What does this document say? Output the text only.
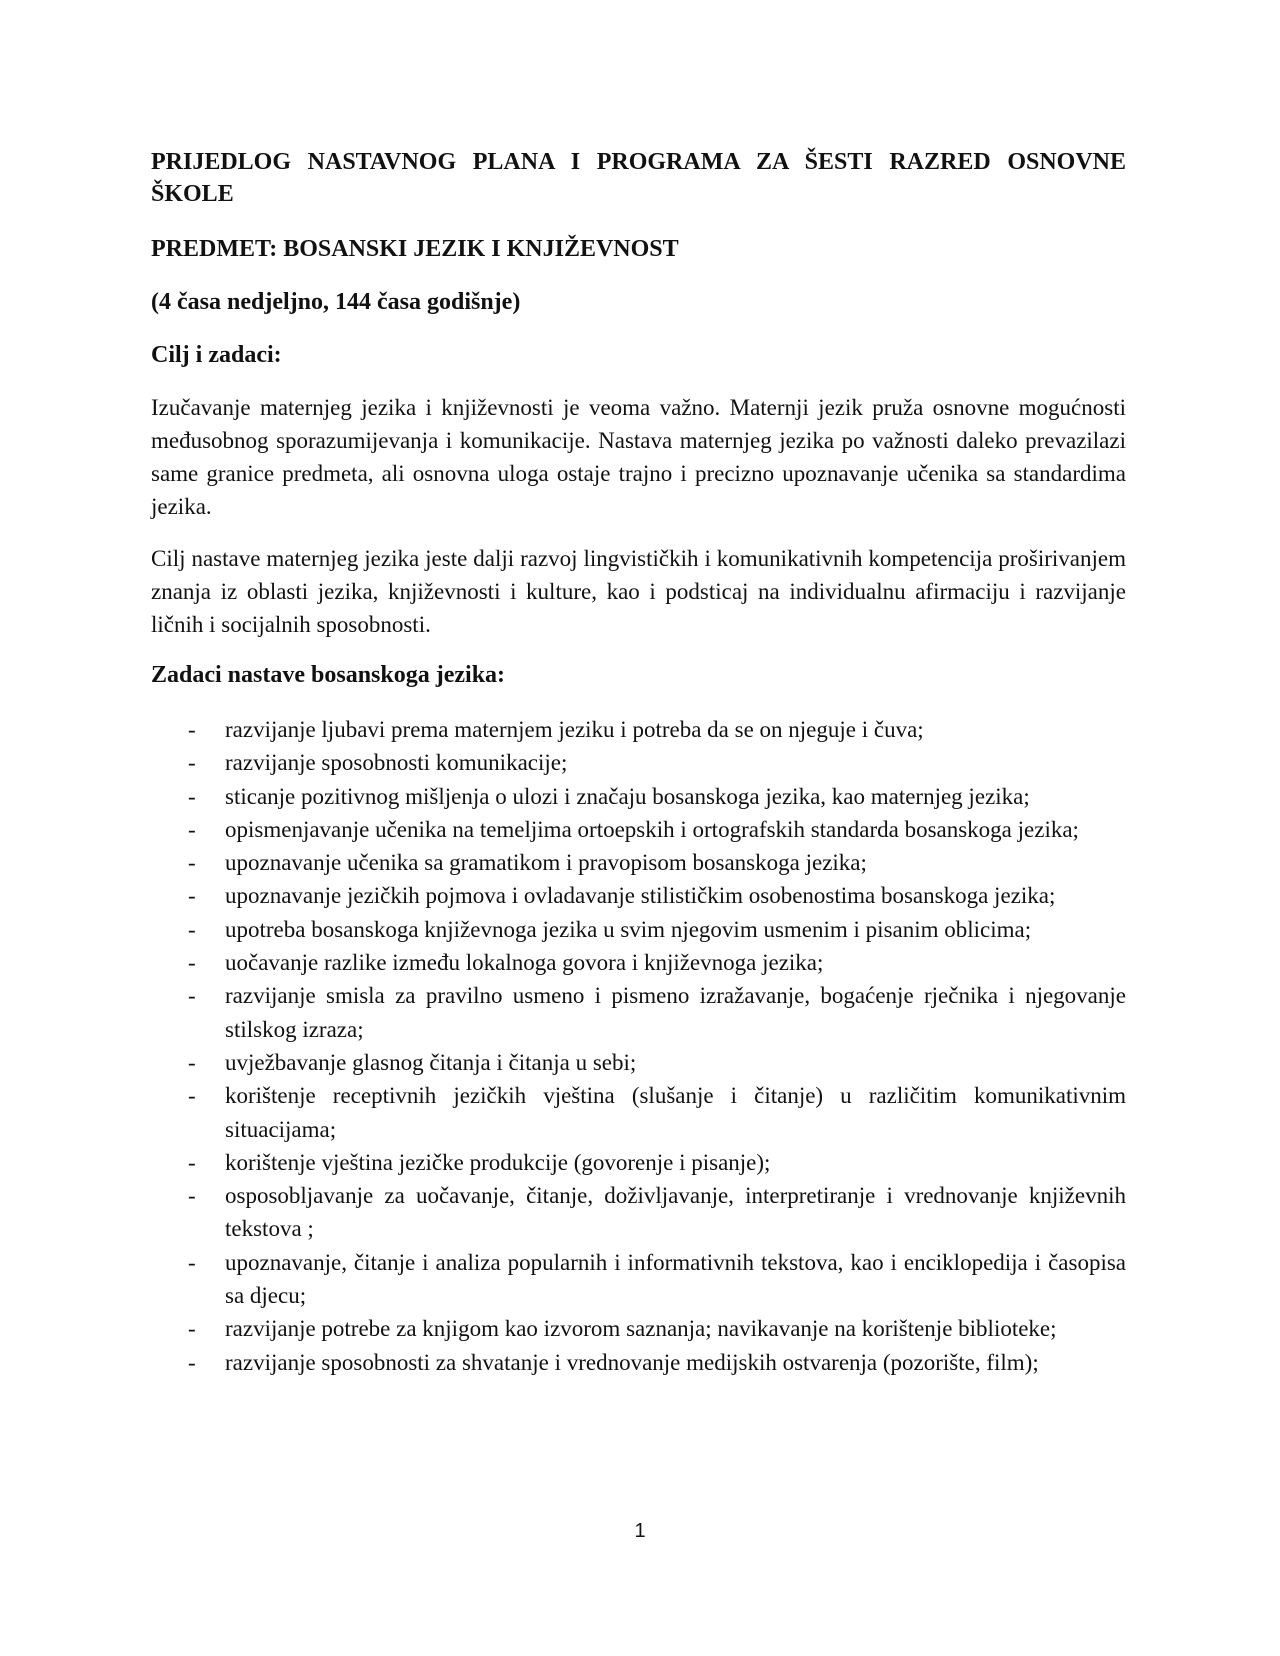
PRIJEDLOG NASTAVNOG PLANA I PROGRAMA ZA ŠESTI RAZRED OSNOVNE ŠKOLE

PREDMET: BOSANSKI JEZIK I KNJIŽEVNOST

(4 časa nedjeljno, 144 časa godišnje)

Cilj i zadaci:

Izučavanje maternjeg jezika i književnosti je veoma važno. Maternji jezik pruža osnovne mogućnosti međusobnog sporazumijevanja i komunikacije. Nastava maternjeg jezika po važnosti daleko prevazilazi same granice predmeta, ali osnovna uloga ostaje trajno i precizno upoznavanje učenika sa standardima jezika.

Cilj nastave maternjeg jezika jeste dalji razvoj lingvističkih i komunikativnih kompetencija proširivanjem znanja iz oblasti jezika, književnosti i kulture, kao i podsticaj na individualnu afirmaciju i razvijanje ličnih i socijalnih sposobnosti.

Zadaci nastave bosanskoga jezika:

- razvijanje ljubavi prema maternjem jeziku i potreba da se on njeguje i čuva;
- razvijanje sposobnosti komunikacije;
- sticanje pozitivnog mišljenja o ulozi i značaju bosanskoga jezika, kao maternjeg jezika;
- opismenjavanje učenika na temeljima ortoepskih i ortografskih standarda bosanskoga jezika;
- upoznavanje učenika sa gramatikom i pravopisom bosanskoga jezika;
- upoznavanje jezičkih pojmova i ovladavanje stilističkim osobenostima bosanskoga jezika;
- upotreba bosanskoga književnoga jezika u svim njegovim usmenim i pisanim oblicima;
- uočavanje razlike između lokalnoga govora i književnoga jezika;
- razvijanje smisla za pravilno usmeno i pismeno izražavanje, bogaćenje rječnika i njegovanje stilskog izraza;
- uvježbavanje glasnog čitanja i čitanja u sebi;
- korištenje receptivnih jezičkih vještina (slušanje i čitanje) u različitim komunikativnim situacijama;
- korištenje vještina jezičke produkcije (govorenje i pisanje);
- osposobljavanje za uočavanje, čitanje, doživljavanje, interpretiranje i vrednovanje književnih tekstova ;
- upoznavanje, čitanje i analiza popularnih i informativnih tekstova, kao i enciklopedija i časopisa sa djecu;
- razvijanje potrebe za knjigom kao izvorom saznanja; navikavanje na korištenje biblioteke;
- razvijanje sposobnosti za shvatanje i vrednovanje medijskih ostvarenja (pozorište, film);
1
